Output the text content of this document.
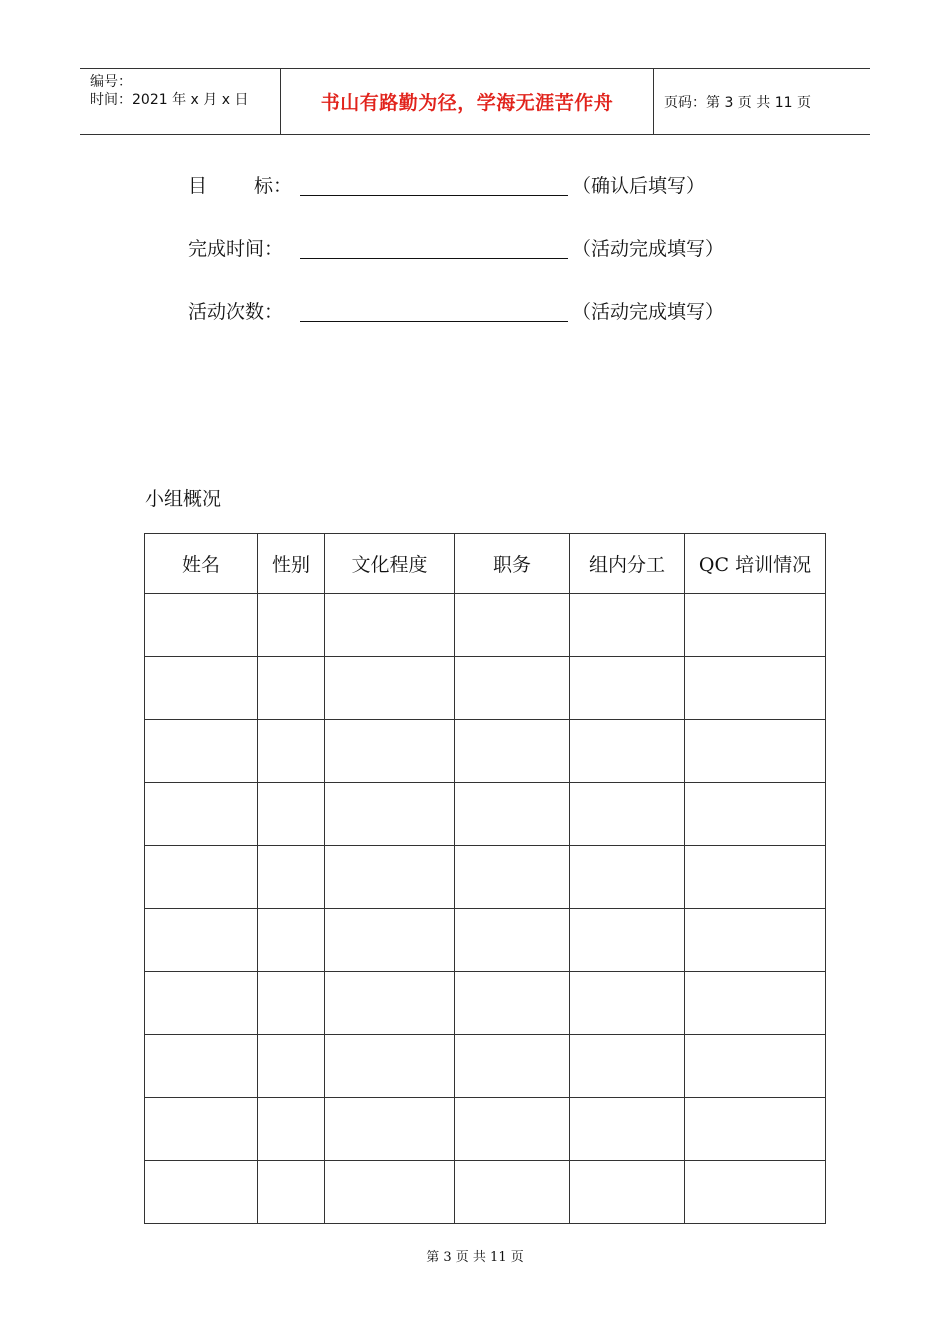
编号：
时间：2021 年 x 月 x 日	书山有路勤为径，学海无涯苦作舟	页码：第 3 页 共 11 页
目 标：	（确认后填写）
完成时间：	（活动完成填写）
活动次数：	（活动完成填写）
小组概况
姓名	性别	文化程度	职务	组内分工	QC 培训情况

第 3 页 共 11 页
